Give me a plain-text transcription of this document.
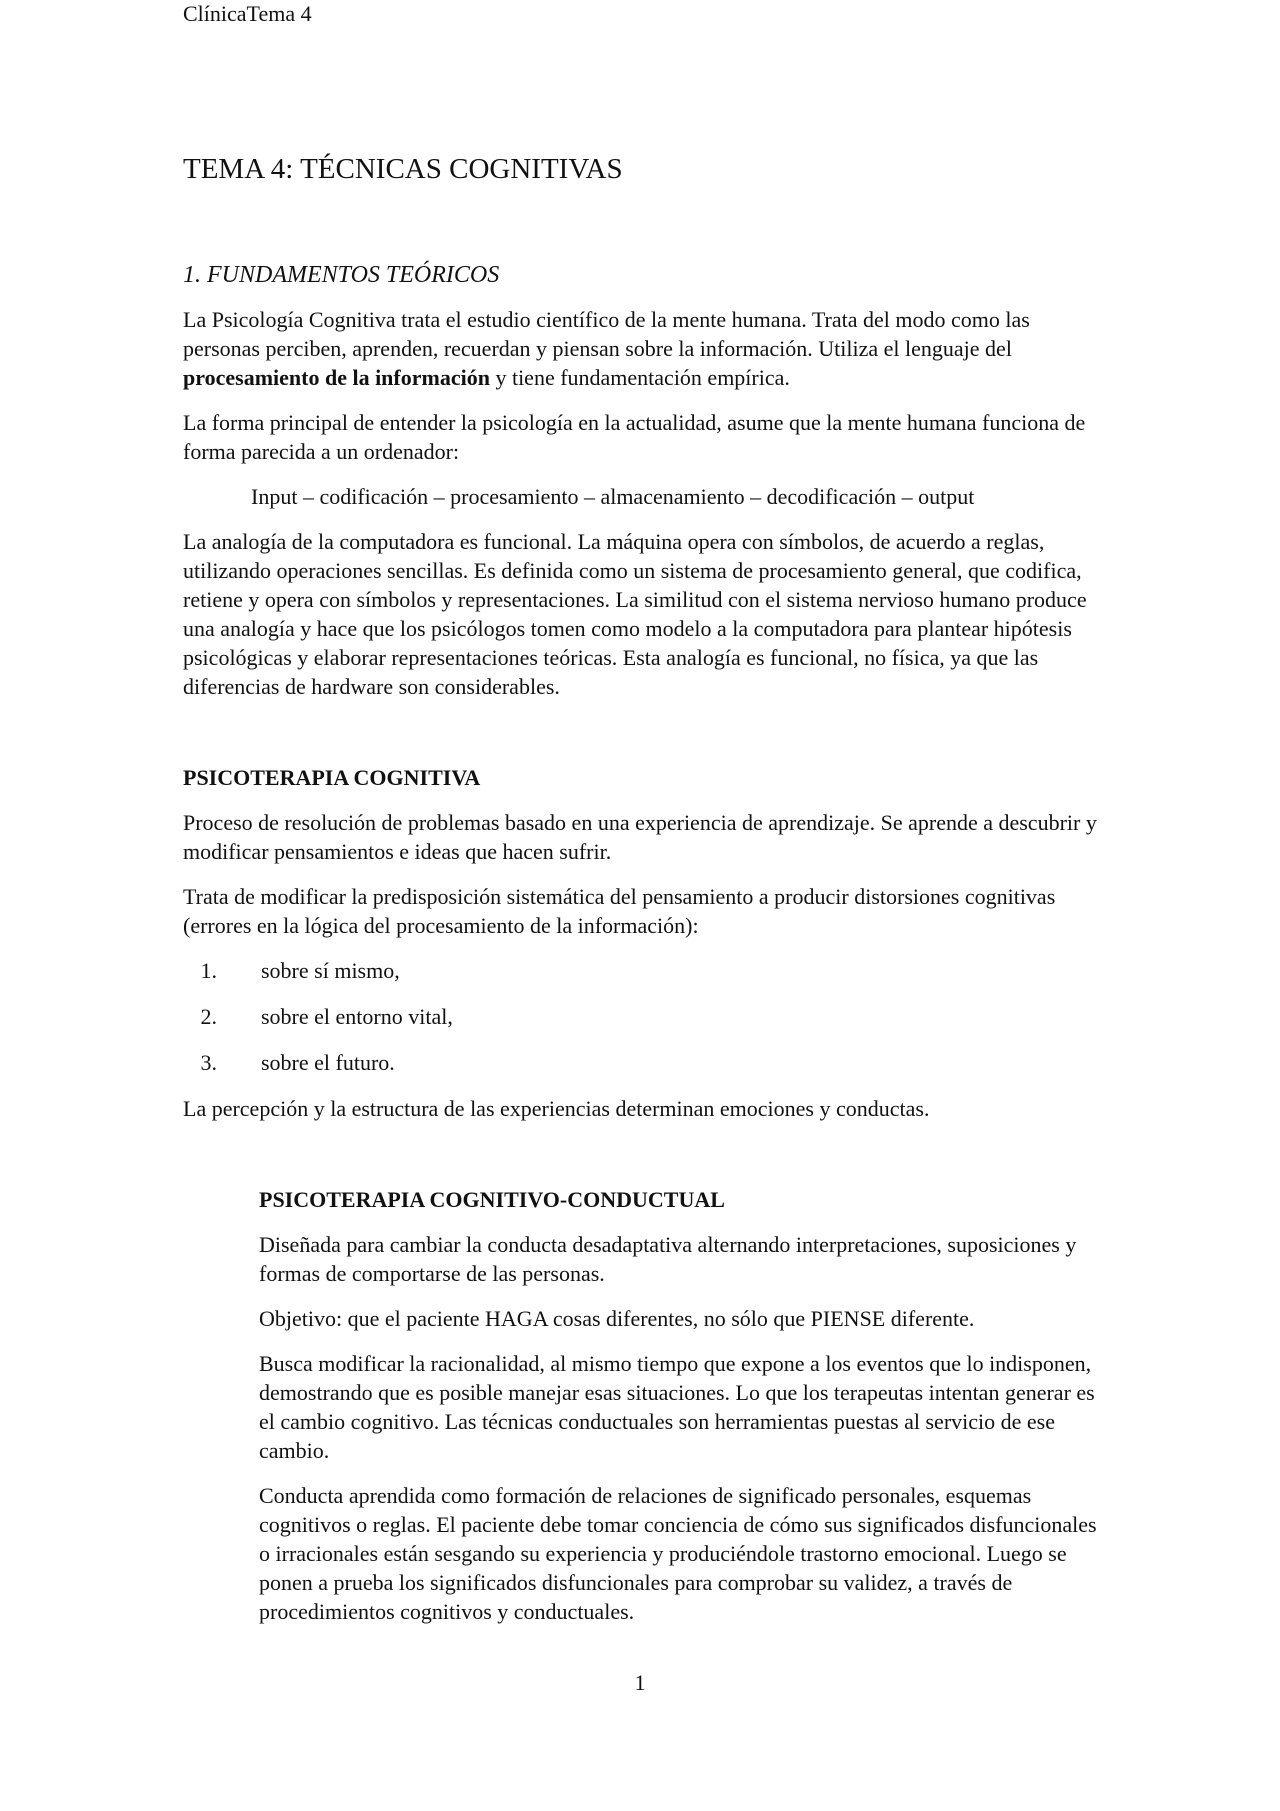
ClínicaTema 4
TEMA 4: TÉCNICAS COGNITIVAS
1. FUNDAMENTOS TEÓRICOS

La Psicología Cognitiva trata el estudio científico de la mente humana. Trata del modo como las personas perciben, aprenden, recuerdan y piensan sobre la información. Utiliza el lenguaje del procesamiento de la información y tiene fundamentación empírica.

La forma principal de entender la psicología en la actualidad, asume que la mente humana funciona de forma parecida a un ordenador:

Input – codificación – procesamiento – almacenamiento – decodificación – output

La analogía de la computadora es funcional. La máquina opera con símbolos, de acuerdo a reglas, utilizando operaciones sencillas. Es definida como un sistema de procesamiento general, que codifica, retiene y opera con símbolos y representaciones. La similitud con el sistema nervioso humano produce una analogía y hace que los psicólogos tomen como modelo a la computadora para plantear hipótesis psicológicas y elaborar representaciones teóricas. Esta analogía es funcional, no física, ya que las diferencias de hardware son considerables.

PSICOTERAPIA COGNITIVA

Proceso de resolución de problemas basado en una experiencia de aprendizaje. Se aprende a descubrir y modificar pensamientos e ideas que hacen sufrir.

Trata de modificar la predisposición sistemática del pensamiento a producir distorsiones cognitivas (errores en la lógica del procesamiento de la información):

1.	sobre sí mismo,
2.	sobre el entorno vital,
3.	sobre el futuro.

La percepción y la estructura de las experiencias determinan emociones y conductas.

PSICOTERAPIA COGNITIVO-CONDUCTUAL

Diseñada para cambiar la conducta desadaptativa alternando interpretaciones, suposiciones y formas de comportarse de las personas.

Objetivo: que el paciente HAGA cosas diferentes, no sólo que PIENSE diferente.

Busca modificar la racionalidad, al mismo tiempo que expone a los eventos que lo indisponen, demostrando que es posible manejar esas situaciones. Lo que los terapeutas intentan generar es el cambio cognitivo. Las técnicas conductuales son herramientas puestas al servicio de ese cambio.

Conducta aprendida como formación de relaciones de significado personales, esquemas cognitivos o reglas. El paciente debe tomar conciencia de cómo sus significados disfuncionales o irracionales están sesgando su experiencia y produciéndole trastorno emocional. Luego se ponen a prueba los significados disfuncionales para comprobar su validez, a través de procedimientos cognitivos y conductuales.

1
